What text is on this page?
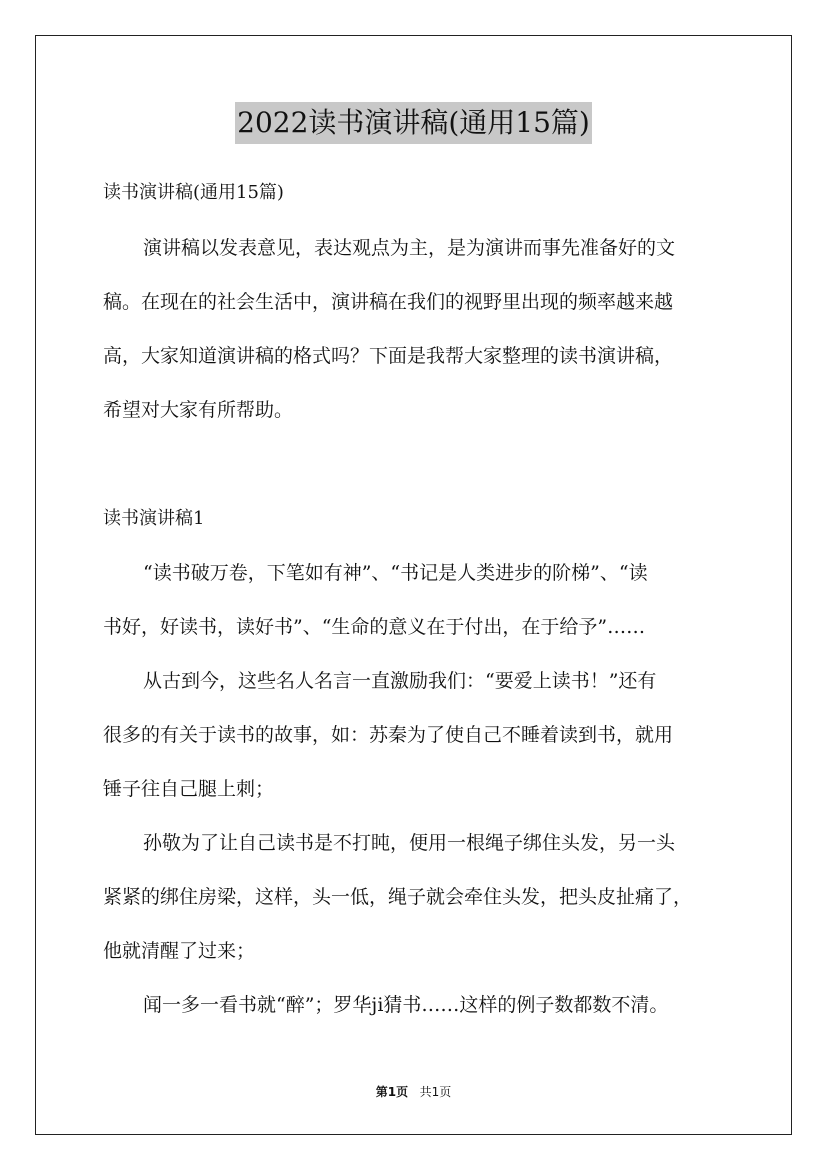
2022读书演讲稿(通用15篇)
读书演讲稿(通用15篇)
演讲稿以发表意见，表达观点为主，是为演讲而事先准备好的文
稿。在现在的社会生活中，演讲稿在我们的视野里出现的频率越来越
高，大家知道演讲稿的格式吗？下面是我帮大家整理的读书演讲稿，
希望对大家有所帮助。
读书演讲稿1
“读书破万卷，下笔如有神”、“书记是人类进步的阶梯”、“读
书好，好读书，读好书”、“生命的意义在于付出，在于给予”……
从古到今，这些名人名言一直激励我们：“要爱上读书！”还有
很多的有关于读书的故事，如：苏秦为了使自己不睡着读到书，就用
锤子往自己腿上刺；
孙敬为了让自己读书是不打盹，便用一根绳子绑住头发，另一头
紧紧的绑住房梁，这样，头一低，绳子就会牵住头发，把头皮扯痛了，
他就清醒了过来；
闻一多一看书就“醉”；罗华ji猜书……这样的例子数都数不清。
第1页 共1页
